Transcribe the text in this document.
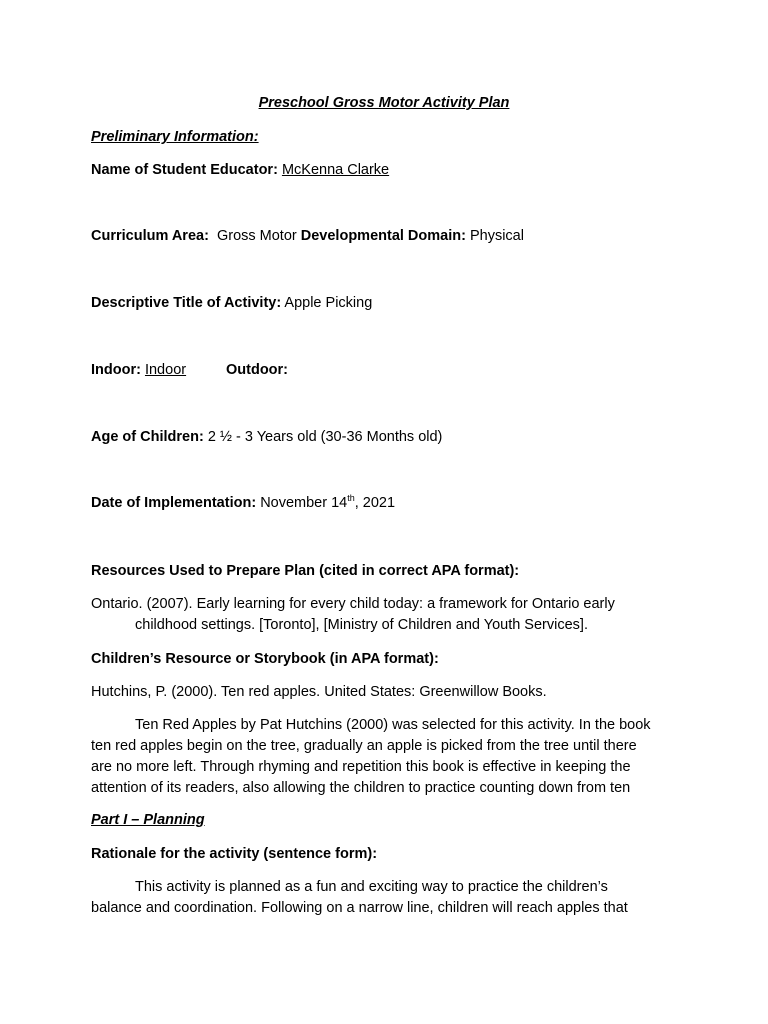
Preschool Gross Motor Activity Plan
Preliminary Information:
Name of Student Educator: McKenna Clarke
Curriculum Area: Gross Motor Developmental Domain: Physical
Descriptive Title of Activity: Apple Picking
Indoor: Indoor	Outdoor:
Age of Children: 2 ½ - 3 Years old (30-36 Months old)
Date of Implementation: November 14th, 2021
Resources Used to Prepare Plan (cited in correct APA format):
Ontario. (2007). Early learning for every child today: a framework for Ontario early
childhood settings. [Toronto], [Ministry of Children and Youth Services].
Children’s Resource or Storybook (in APA format):
Hutchins, P. (2000). Ten red apples. United States: Greenwillow Books.
Ten Red Apples by Pat Hutchins (2000) was selected for this activity. In the book
ten red apples begin on the tree, gradually an apple is picked from the tree until there
are no more left. Through rhyming and repetition this book is effective in keeping the
attention of its readers, also allowing the children to practice counting down from ten
Part I – Planning
Rationale for the activity (sentence form):
This activity is planned as a fun and exciting way to practice the children’s
balance and coordination. Following on a narrow line, children will reach apples that
